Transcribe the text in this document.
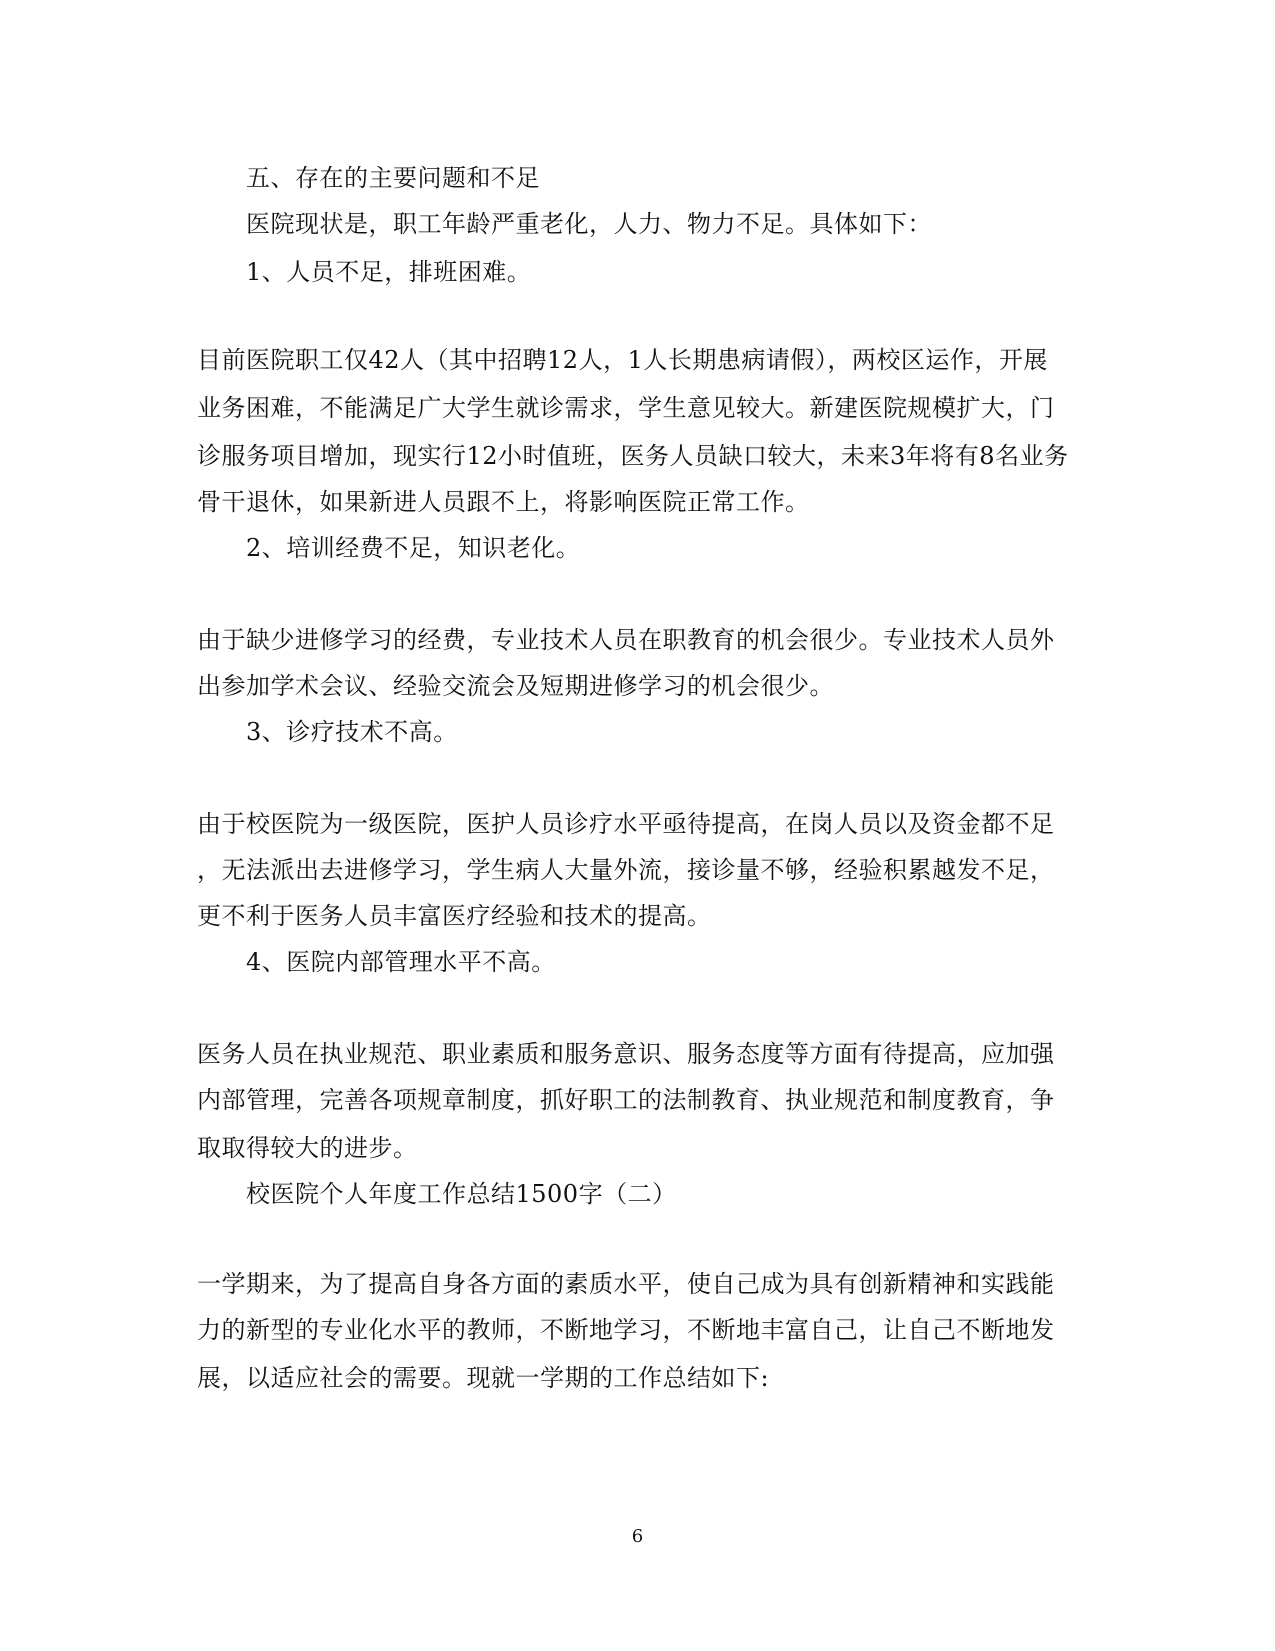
五、存在的主要问题和不足
医院现状是，职工年龄严重老化，人力、物力不足。具体如下：
1、人员不足，排班困难。
目前医院职工仅42人（其中招聘12人，1人长期患病请假），两校区运作，开展
业务困难，不能满足广大学生就诊需求，学生意见较大。新建医院规模扩大，门
诊服务项目增加，现实行12小时值班，医务人员缺口较大，未来3年将有8名业务
骨干退休，如果新进人员跟不上，将影响医院正常工作。
2、培训经费不足，知识老化。
由于缺少进修学习的经费，专业技术人员在职教育的机会很少。专业技术人员外
出参加学术会议、经验交流会及短期进修学习的机会很少。
3、诊疗技术不高。
由于校医院为一级医院，医护人员诊疗水平亟待提高，在岗人员以及资金都不足
，无法派出去进修学习，学生病人大量外流，接诊量不够，经验积累越发不足，
更不利于医务人员丰富医疗经验和技术的提高。
4、医院内部管理水平不高。
医务人员在执业规范、职业素质和服务意识、服务态度等方面有待提高，应加强
内部管理，完善各项规章制度，抓好职工的法制教育、执业规范和制度教育，争
取取得较大的进步。
校医院个人年度工作总结1500字（二）
一学期来，为了提高自身各方面的素质水平，使自己成为具有创新精神和实践能
力的新型的专业化水平的教师，不断地学习，不断地丰富自己，让自己不断地发
展，以适应社会的需要。现就一学期的工作总结如下:
6
